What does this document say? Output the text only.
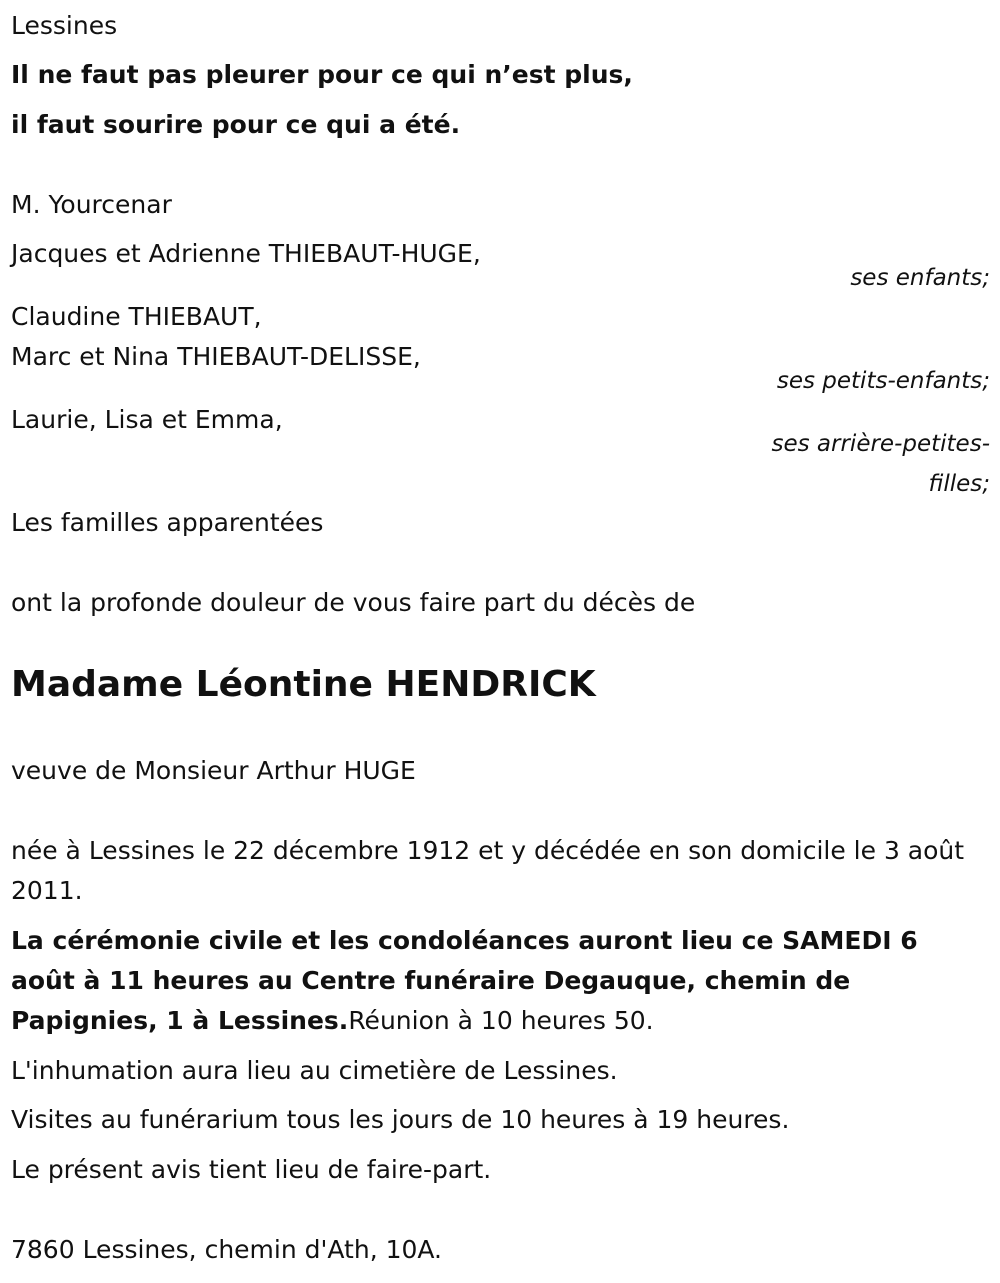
Lessines
Il ne faut pas pleurer pour ce qui n’est plus,
il faut sourire pour ce qui a été.
M. Yourcenar
Jacques et Adrienne THIEBAUT-HUGE,
ses enfants;
Claudine THIEBAUT,
Marc et Nina THIEBAUT-DELISSE,
ses petits-enfants;
Laurie, Lisa et Emma,
ses arrière-petites-
filles;
Les familles apparentées
ont la profonde douleur de vous faire part du décès de
Madame Léontine HENDRICK
veuve de Monsieur Arthur HUGE
née à Lessines le 22 décembre 1912 et y décédée en son domicile le 3 août 2011.
La cérémonie civile et les condoléances auront lieu ce SAMEDI 6 août à 11 heures au Centre funéraire Degauque, chemin de Papignies, 1 à Lessines.Réunion à 10 heures 50.
L'inhumation aura lieu au cimetière de Lessines.
Visites au funérarium tous les jours de 10 heures à 19 heures.
Le présent avis tient lieu de faire-part.
7860 Lessines, chemin d'Ath, 10A.
